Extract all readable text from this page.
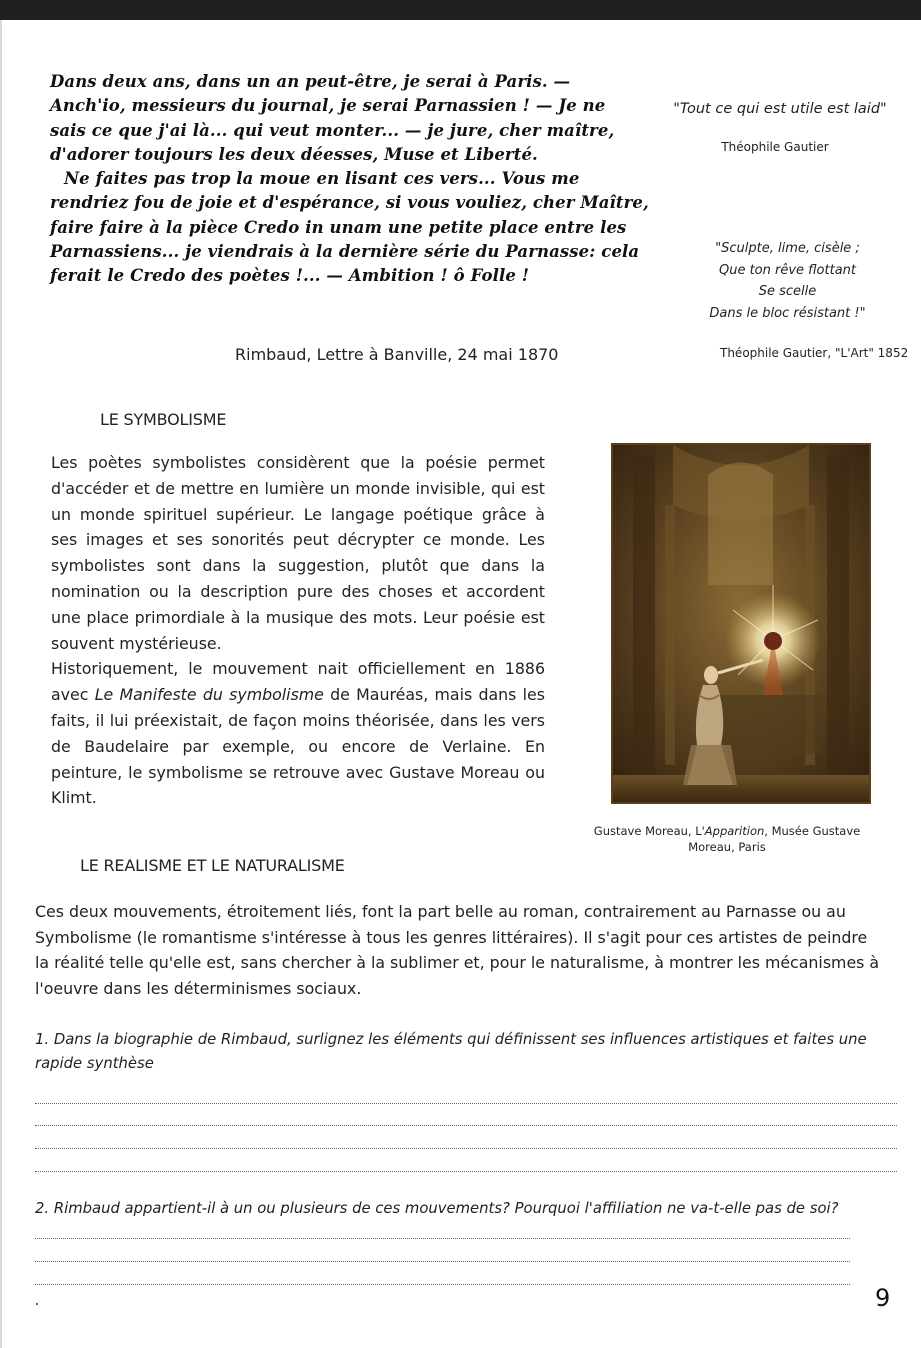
Dans deux ans, dans un an peut-être, je serai à Paris. —
Anch'io, messieurs du journal, je serai Parnassien ! — Je ne
sais ce que j'ai là... qui veut monter... — je jure, cher maître,
d'adorer toujours les deux déesses, Muse et Liberté.
Ne faites pas trop la moue en lisant ces vers... Vous me
rendriez fou de joie et d'espérance, si vous vouliez, cher Maître,
faire faire à la pièce Credo in unam une petite place entre les
Parnassiens... je viendrais à la dernière série du Parnasse: cela
ferait le Credo des poètes !... — Ambition ! ô Folle !
Rimbaud, Lettre à Banville, 24 mai 1870
"Tout ce qui est utile est laid"
Théophile Gautier
"Sculpte, lime, cisèle ;
Que ton rêve flottant
Se scelle
Dans le bloc résistant !"
Théophile Gautier, "L'Art" 1852
LE SYMBOLISME

Les poètes symbolistes considèrent que la poésie permet d'accéder et de mettre en lumière un monde invisible, qui est un monde spirituel supérieur. Le langage poétique grâce à ses images et ses sonorités peut décrypter ce monde. Les symbolistes sont dans la suggestion, plutôt que dans la nomination ou la description pure des choses et accordent une place primordiale à la musique des mots. Leur poésie est souvent mystérieuse.

Historiquement, le mouvement nait officiellement en 1886 avec Le Manifeste du symbolisme de Mauréas, mais dans les faits, il lui préexistait, de façon moins théorisée, dans les vers de Baudelaire par exemple, ou encore de Verlaine. En peinture, le symbolisme se retrouve avec Gustave Moreau ou Klimt.

Gustave Moreau, L'Apparition, Musée Gustave Moreau, Paris
LE REALISME ET LE NATURALISME

Ces deux mouvements, étroitement liés, font la part belle au roman, contrairement au Parnasse ou au Symbolisme (le romantisme s'intéresse à tous les genres littéraires). Il s'agit pour ces artistes de peindre la réalité telle qu'elle est, sans chercher à la sublimer et, pour le naturalisme, à montrer les mécanismes à l'oeuvre dans les déterminismes sociaux.

1. Dans la biographie de Rimbaud, surlignez les éléments qui définissent ses influences artistiques et faites une rapide synthèse
2. Rimbaud appartient-il à un ou plusieurs de ces mouvements? Pourquoi l'affiliation ne va-t-elle pas de soi?
9
